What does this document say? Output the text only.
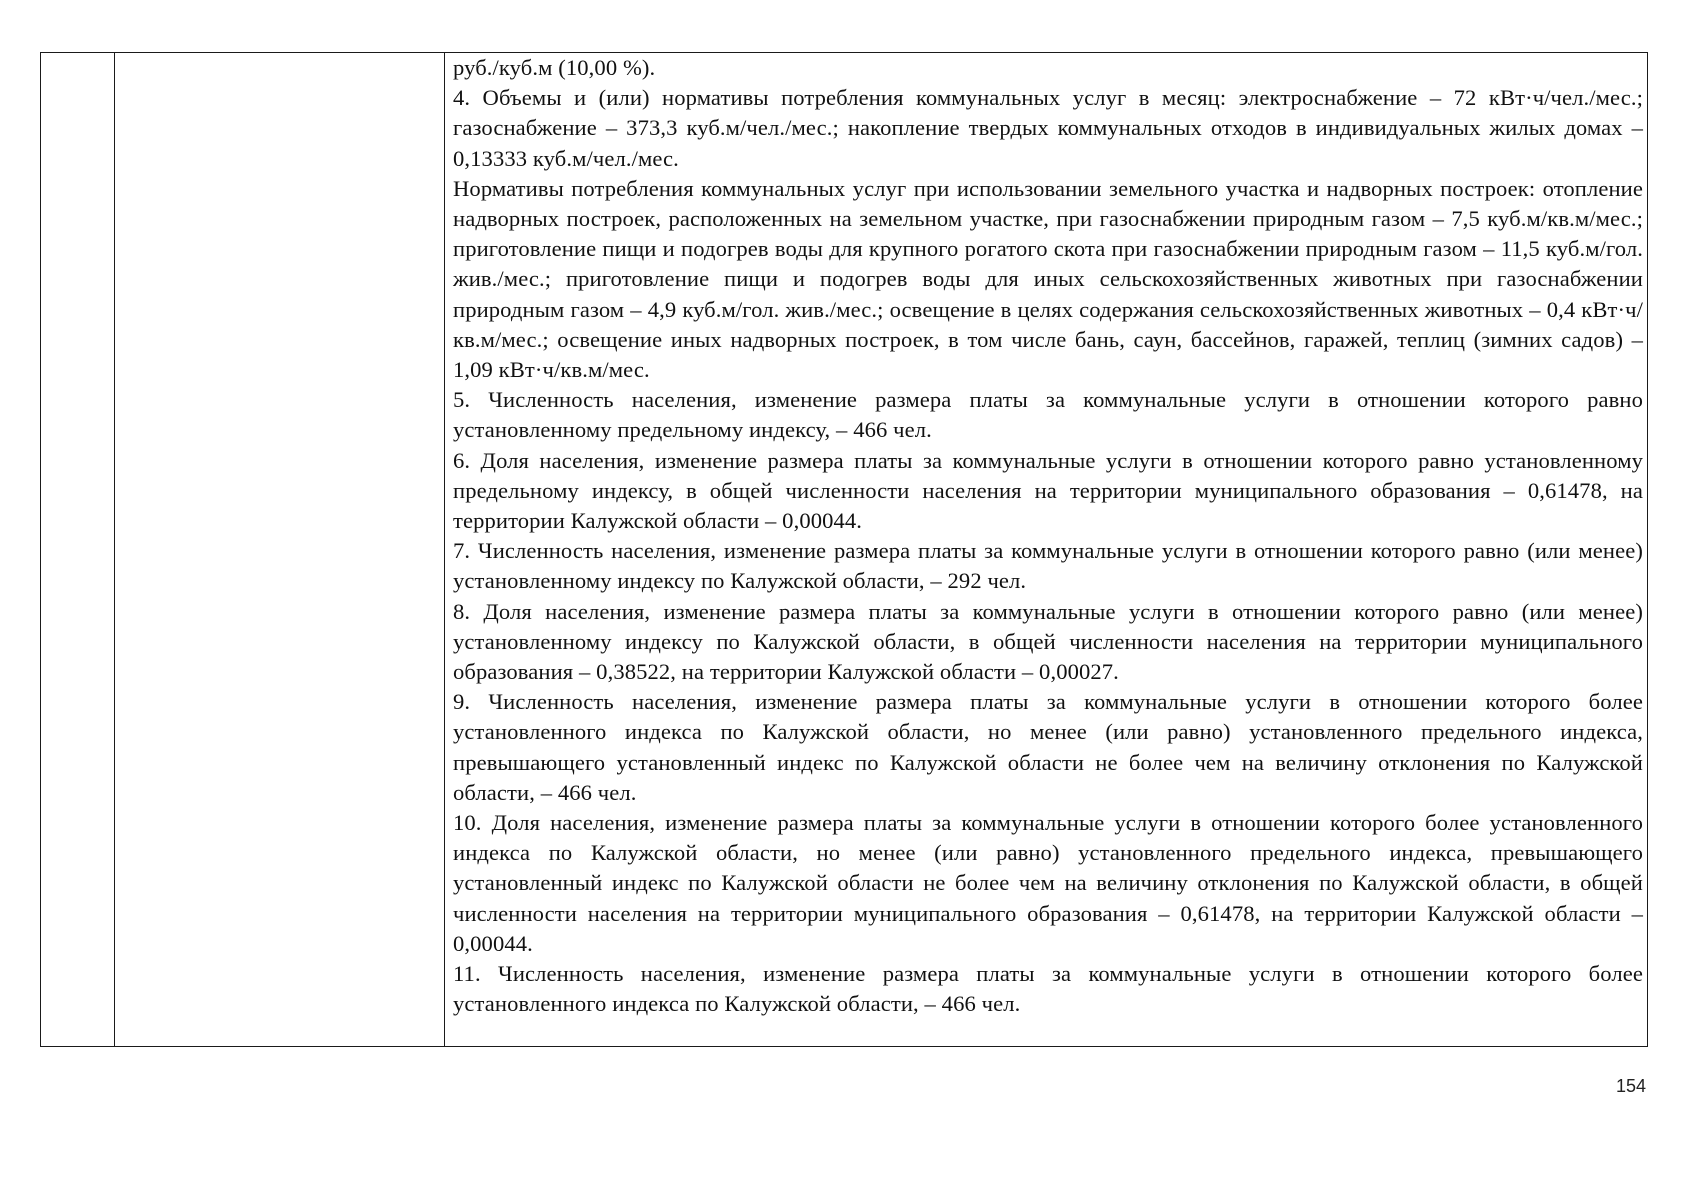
руб./куб.м (10,00 %).

4. Объемы и (или) нормативы потребления коммунальных услуг в месяц: электроснабжение – 72 кВт·ч/чел./мес.; газоснабжение – 373,3 куб.м/чел./мес.; накопление твердых коммунальных отходов в индивидуальных жилых домах – 0,13333 куб.м/чел./мес.

Нормативы потребления коммунальных услуг при использовании земельного участка и надворных построек: отопление надворных построек, расположенных на земельном участке, при газоснабжении природным газом – 7,5 куб.м/кв.м/мес.; приготовление пищи и подогрев воды для крупного рогатого скота при газоснабжении природным газом – 11,5 куб.м/гол. жив./мес.; приготовление пищи и подогрев воды для иных сельскохозяйственных животных при газоснабжении природным газом – 4,9 куб.м/гол. жив./мес.; освещение в целях содержания сельскохозяйственных животных – 0,4 кВт·ч/кв.м/мес.; освещение иных надворных построек, в том числе бань, саун, бассейнов, гаражей, теплиц (зимних садов) – 1,09 кВт·ч/кв.м/мес.

5. Численность населения, изменение размера платы за коммунальные услуги в отношении которого равно установленному предельному индексу, – 466 чел.

6. Доля населения, изменение размера платы за коммунальные услуги в отношении которого равно установленному предельному индексу, в общей численности населения на территории муниципального образования – 0,61478, на территории Калужской области – 0,00044.

7. Численность населения, изменение размера платы за коммунальные услуги в отношении которого равно (или менее) установленному индексу по Калужской области, – 292 чел.

8. Доля населения, изменение размера платы за коммунальные услуги в отношении которого равно (или менее) установленному индексу по Калужской области, в общей численности населения на территории муниципального образования – 0,38522, на территории Калужской области – 0,00027.

9. Численность населения, изменение размера платы за коммунальные услуги в отношении которого более установленного индекса по Калужской области, но менее (или равно) установленного предельного индекса, превышающего установленный индекс по Калужской области не более чем на величину отклонения по Калужской области, – 466 чел.

10. Доля населения, изменение размера платы за коммунальные услуги в отношении которого более установленного индекса по Калужской области, но менее (или равно) установленного предельного индекса, превышающего установленный индекс по Калужской области не более чем на величину отклонения по Калужской области, в общей численности населения на территории муниципального образования – 0,61478, на территории Калужской области – 0,00044.

11. Численность населения, изменение размера платы за коммунальные услуги в отношении которого более установленного индекса по Калужской области, – 466 чел.

154
